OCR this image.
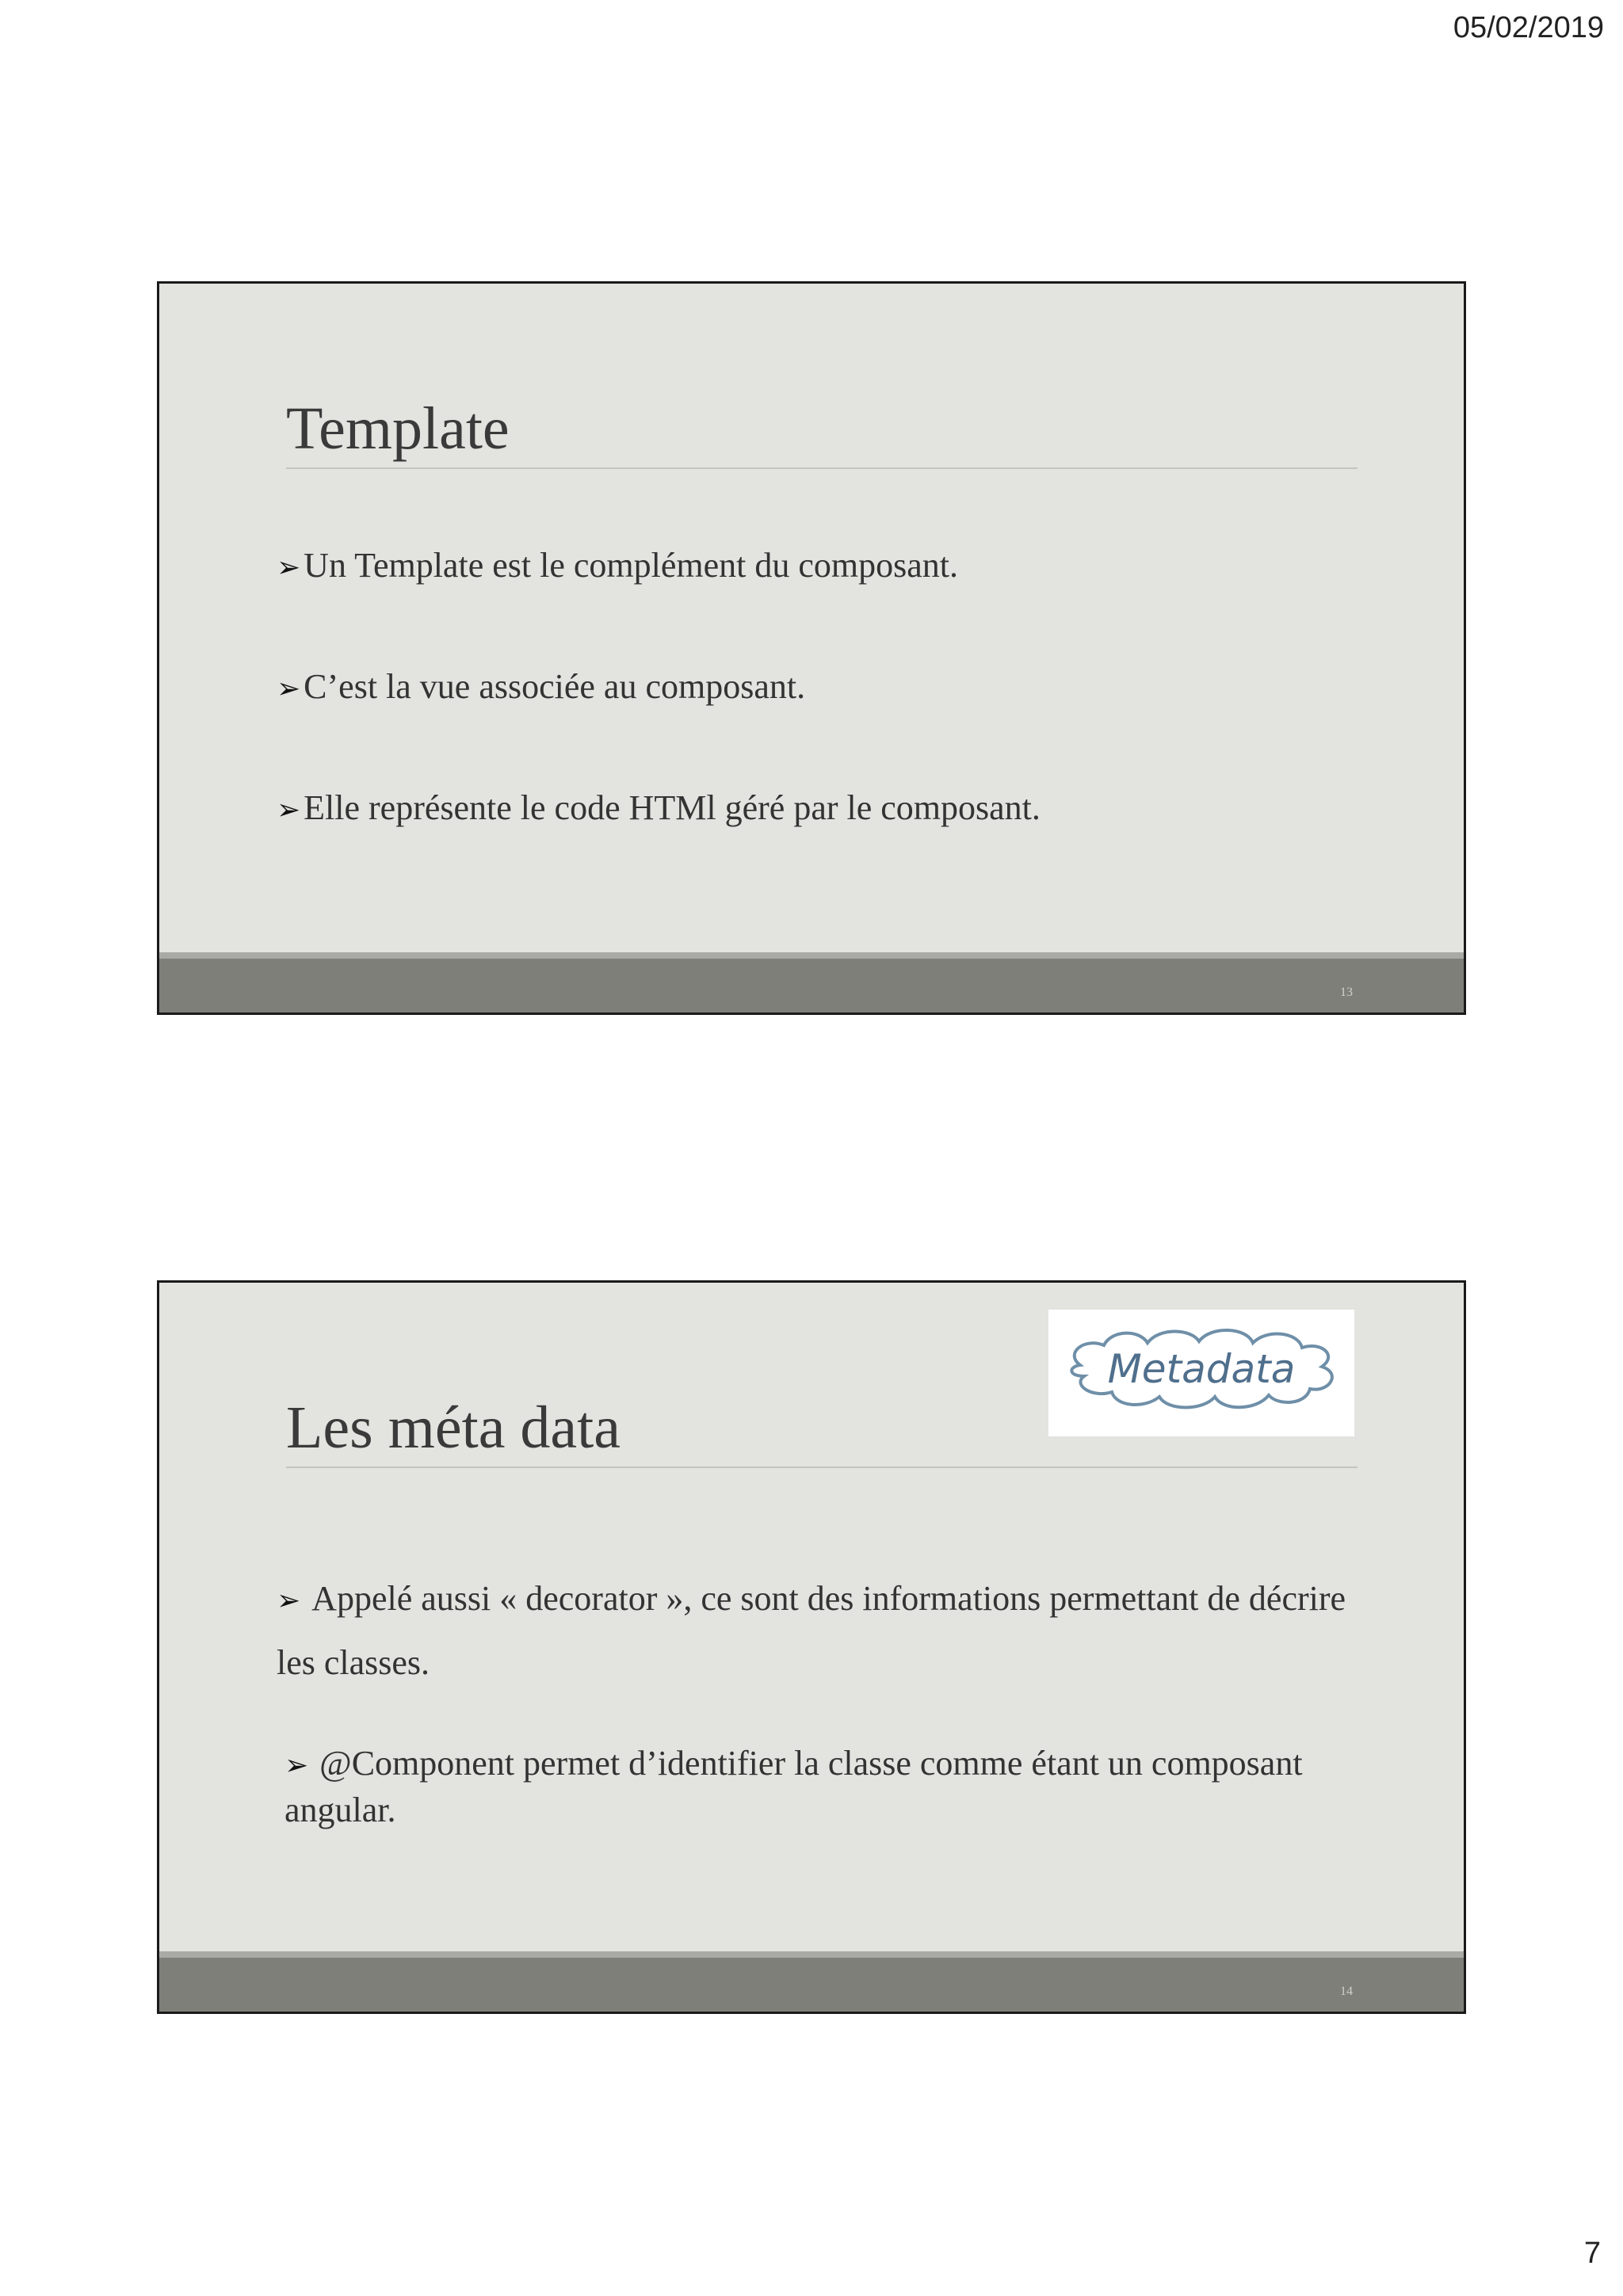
05/02/2019
Template
➢ Un Template est le complément du composant.
➢ C’est la vue associée au composant.
➢ Elle représente le code HTMl géré par le composant.
13
Metadata
Les méta data
➢ Appelé aussi « decorator », ce sont des informations permettant de décrire les classes.
➢ @Component permet d’identifier la classe comme étant un composant angular.
14
7
